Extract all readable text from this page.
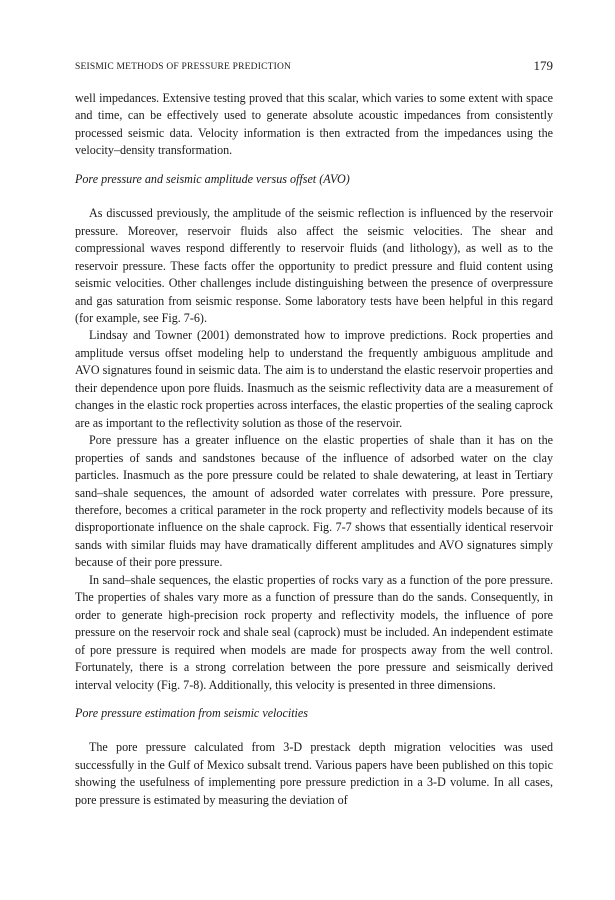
SEISMIC METHODS OF PRESSURE PREDICTION	179

well impedances. Extensive testing proved that this scalar, which varies to some extent with space and time, can be effectively used to generate absolute acoustic impedances from consistently processed seismic data. Velocity information is then extracted from the impedances using the velocity–density transformation.

Pore pressure and seismic amplitude versus offset (AVO)

As discussed previously, the amplitude of the seismic reflection is influenced by the reservoir pressure. Moreover, reservoir fluids also affect the seismic velocities. The shear and compressional waves respond differently to reservoir fluids (and lithology), as well as to the reservoir pressure. These facts offer the opportunity to predict pressure and fluid content using seismic velocities. Other challenges include distinguishing between the presence of overpressure and gas saturation from seismic response. Some laboratory tests have been helpful in this regard (for example, see Fig. 7-6).

Lindsay and Towner (2001) demonstrated how to improve predictions. Rock properties and amplitude versus offset modeling help to understand the frequently ambiguous amplitude and AVO signatures found in seismic data. The aim is to understand the elastic reservoir properties and their dependence upon pore fluids. Inasmuch as the seismic reflectivity data are a measurement of changes in the elastic rock properties across interfaces, the elastic properties of the sealing caprock are as important to the reflectivity solution as those of the reservoir.

Pore pressure has a greater influence on the elastic properties of shale than it has on the properties of sands and sandstones because of the influence of adsorbed water on the clay particles. Inasmuch as the pore pressure could be related to shale dewatering, at least in Tertiary sand–shale sequences, the amount of adsorded water correlates with pressure. Pore pressure, therefore, becomes a critical parameter in the rock property and reflectivity models because of its disproportionate influence on the shale caprock. Fig. 7-7 shows that essentially identical reservoir sands with similar fluids may have dramatically different amplitudes and AVO signatures simply because of their pore pressure.

In sand–shale sequences, the elastic properties of rocks vary as a function of the pore pressure. The properties of shales vary more as a function of pressure than do the sands. Consequently, in order to generate high-precision rock property and reflectivity models, the influence of pore pressure on the reservoir rock and shale seal (caprock) must be included. An independent estimate of pore pressure is required when models are made for prospects away from the well control. Fortunately, there is a strong correlation between the pore pressure and seismically derived interval velocity (Fig. 7-8). Additionally, this velocity is presented in three dimensions.

Pore pressure estimation from seismic velocities

The pore pressure calculated from 3-D prestack depth migration velocities was used successfully in the Gulf of Mexico subsalt trend. Various papers have been published on this topic showing the usefulness of implementing pore pressure prediction in a 3-D volume. In all cases, pore pressure is estimated by measuring the deviation of
